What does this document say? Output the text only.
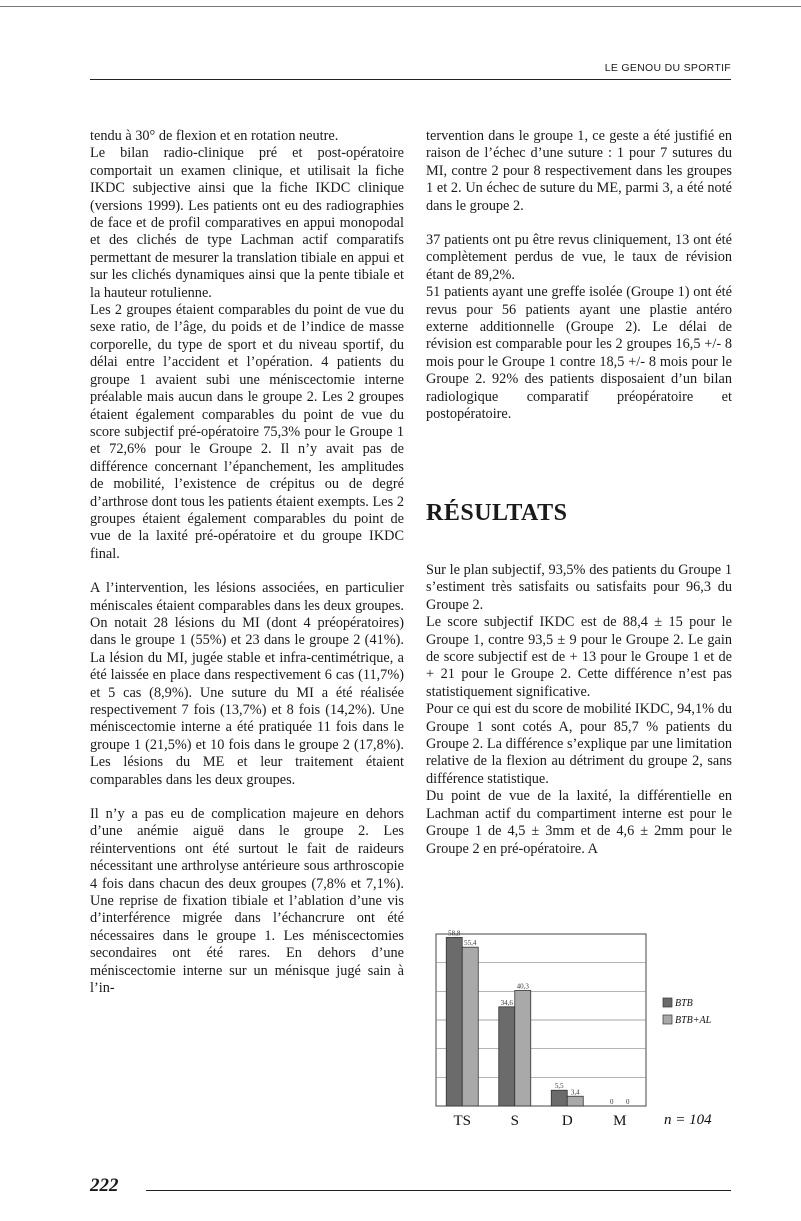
LE GENOU DU SPORTIF

tendu à 30° de flexion et en rotation neutre.

Le bilan radio-clinique pré et post-opératoire comportait un examen clinique, et utilisait la fiche IKDC subjective ainsi que la fiche IKDC clinique (versions 1999). Les patients ont eu des radiographies de face et de profil comparatives en appui monopodal et des clichés de type Lachman actif comparatifs permettant de mesurer la translation tibiale en appui et sur les clichés dynamiques ainsi que la pente tibiale et la hauteur rotulienne.

Les 2 groupes étaient comparables du point de vue du sexe ratio, de l’âge, du poids et de l’indice de masse corporelle, du type de sport et du niveau sportif, du délai entre l’accident et l’opération. 4 patients du groupe 1 avaient subi une méniscectomie interne préalable mais aucun dans le groupe 2. Les 2 groupes étaient également comparables du point de vue du score subjectif pré-opératoire 75,3% pour le Groupe 1 et 72,6% pour le Groupe 2. Il n’y avait pas de différence concernant l’épanchement, les amplitudes de mobilité, l’existence de crépitus ou de degré d’arthrose dont tous les patients étaient exempts. Les 2 groupes étaient également comparables du point de vue de la laxité pré-opératoire et du groupe IKDC final.

A l’intervention, les lésions associées, en particulier méniscales étaient comparables dans les deux groupes. On notait 28 lésions du MI (dont 4 préopératoires) dans le groupe 1 (55%) et 23 dans le groupe 2 (41%). La lésion du MI, jugée stable et infra-centimétrique, a été laissée en place dans respectivement 6 cas (11,7%) et 5 cas (8,9%). Une suture du MI a été réalisée respectivement 7 fois (13,7%) et 8 fois (14,2%). Une méniscectomie interne a été pratiquée 11 fois dans le groupe 1 (21,5%) et 10 fois dans le groupe 2 (17,8%). Les lésions du ME et leur traitement étaient comparables dans les deux groupes.

Il n’y a pas eu de complication majeure en dehors d’une anémie aiguë dans le groupe 2. Les réinterventions ont été surtout le fait de raideurs nécessitant une arthrolyse antérieure sous arthroscopie 4 fois dans chacun des deux groupes (7,8% et 7,1%). Une reprise de fixation tibiale et l’ablation d’une vis d’interférence migrée dans l’échancrure ont été nécessaires dans le groupe 1. Les méniscectomies secondaires ont été rares. En dehors d’une méniscectomie interne sur un ménisque jugé sain à l’in-

tervention dans le groupe 1, ce geste a été justifié en raison de l’échec d’une suture : 1 pour 7 sutures du MI, contre 2 pour 8 respectivement dans les groupes 1 et 2. Un échec de suture du ME, parmi 3, a été noté dans le groupe 2.

37 patients ont pu être revus cliniquement, 13 ont été complètement perdus de vue, le taux de révision étant de 89,2%.

51 patients ayant une greffe isolée (Groupe 1) ont été revus pour 56 patients ayant une plastie antéro externe additionnelle (Groupe 2). Le délai de révision est comparable pour les 2 groupes 16,5 +/- 8 mois pour le Groupe 1 contre 18,5 +/- 8 mois pour le Groupe 2. 92% des patients disposaient d’un bilan radiologique comparatif préopératoire et postopératoire.

RÉSULTATS

Sur le plan subjectif, 93,5% des patients du Groupe 1 s’estiment très satisfaits ou satisfaits pour 96,3 du Groupe 2.

Le score subjectif IKDC est de 88,4 ± 15 pour le Groupe 1, contre 93,5 ± 9 pour le Groupe 2. Le gain de score subjectif est de + 13 pour le Groupe 1 et de + 21 pour le Groupe 2. Cette différence n’est pas statistiquement significative.

Pour ce qui est du score de mobilité IKDC, 94,1% du Groupe 1 sont cotés A, pour 85,7 % patients du Groupe 2. La différence s’explique par une limitation relative de la flexion au détriment du groupe 2, sans différence statistique.

Du point de vue de la laxité, la différentielle en Lachman actif du compartiment interne est pour le Groupe 1 de 4,5 ± 3mm et de 4,6 ± 2mm pour le Groupe 2 en pré-opératoire. A

58,8
55,4
34,6
40,3
5,5
3,4
0 0
TS	S	D	M
BTB
BTB+AL
n = 104
222
